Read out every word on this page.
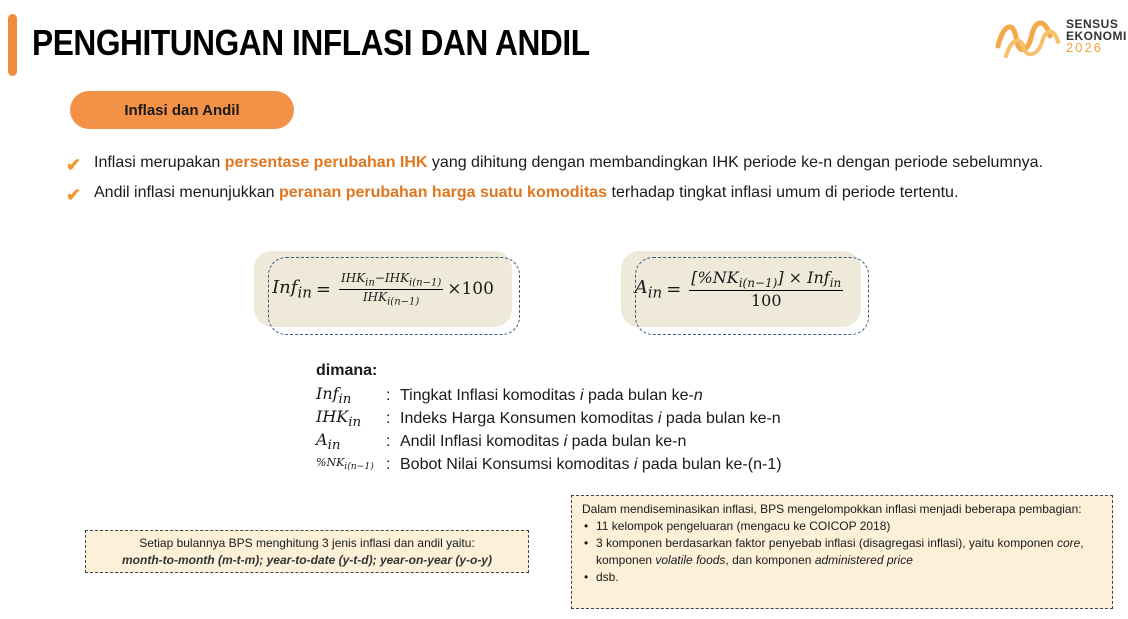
PENGHITUNGAN INFLASI DAN ANDIL	SENSUS
EKONOMI
2026
Inflasi dan Andil
✔ Inflasi merupakan persentase perubahan IHK yang dihitung dengan membandingkan IHK periode ke-n dengan periode sebelumnya.
✔ Andil inflasi menunjukkan peranan perubahan harga suatu komoditas terhadap tingkat inflasi umum di periode tertentu.
$Inf_{in} = \frac{IHK_{in}-IHK_{i(n-1)}}{IHK_{i(n-1)}} \times 100$	$A_{in} = \frac{[\%NK_{i(n-1)}] \times Inf_{in}}{100}$
dimana:
Inf$_{in}$	: Tingkat Inflasi komoditas i pada bulan ke-n
$IHK_{in}$	: Indeks Harga Konsumen komoditas i pada bulan ke-n
$A_{in}$	: Andil Inflasi komoditas i pada bulan ke-n
$\%NK_{i(n-1)}$ : Bobot Nilai Konsumsi komoditas i pada bulan ke-(n-1)
Setiap bulannya BPS menghitung 3 jenis inflasi dan andil yaitu:
month-to-month (m-t-m); year-to-date (y-t-d); year-on-year (y-o-y)
Dalam mendiseminasikan inflasi, BPS mengelompokkan inflasi menjadi beberapa pembagian:
• 11 kelompok pengeluaran (mengacu ke COICOP 2018)
• 3 komponen berdasarkan faktor penyebab inflasi (disagregasi inflasi), yaitu komponen core, komponen volatile foods, dan komponen administered price
• dsb.
